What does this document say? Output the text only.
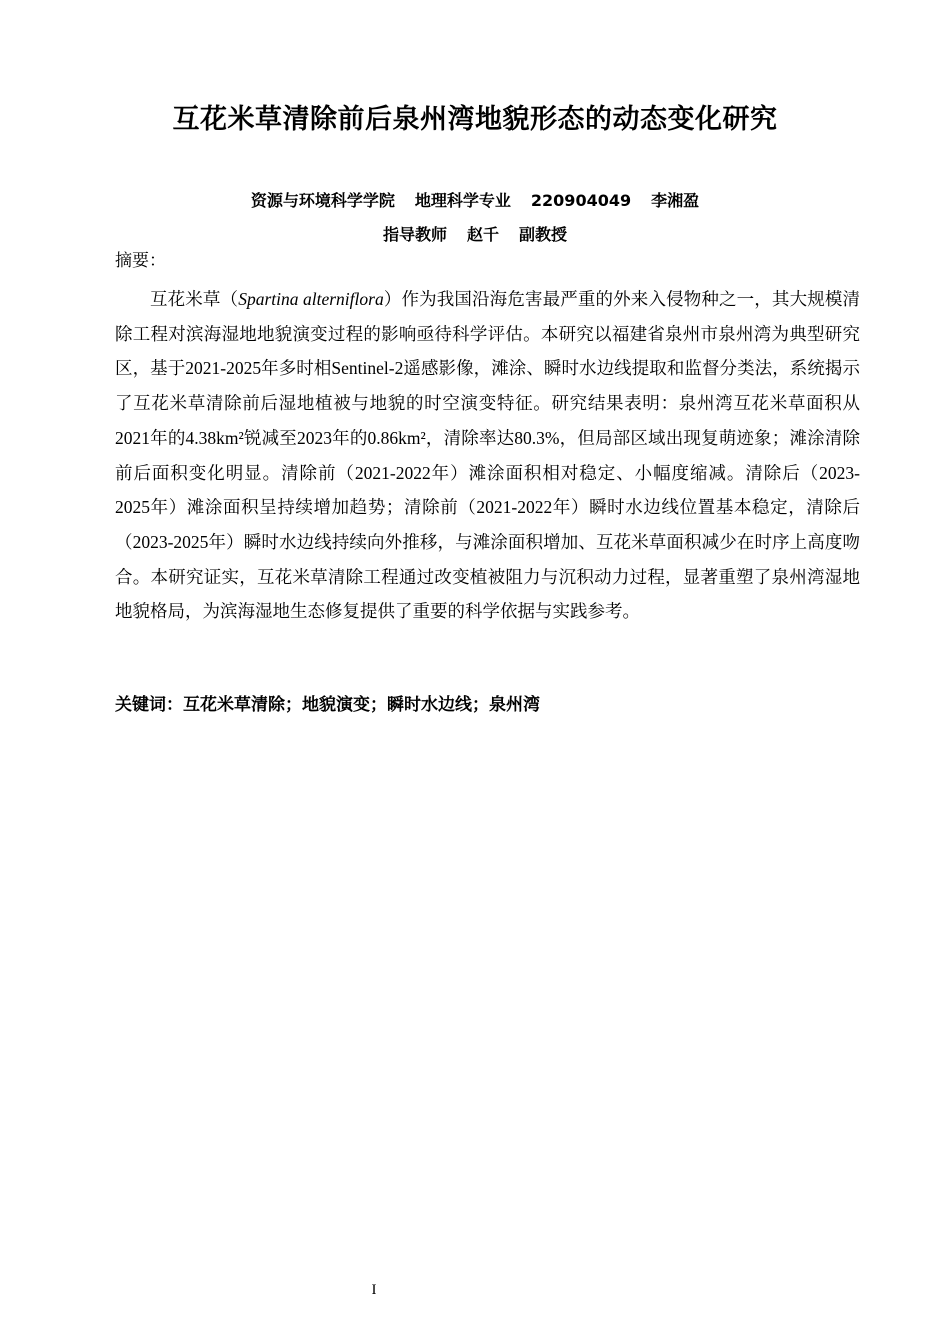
互花米草清除前后泉州湾地貌形态的动态变化研究

资源与环境科学学院 地理科学专业 220904049 李湘盈

指导教师 赵千 副教授

摘要：

互花米草（Spartina alterniflora）作为我国沿海危害最严重的外来入侵物种之一，其大规模清除工程对滨海湿地地貌演变过程的影响亟待科学评估。本研究以福建省泉州市泉州湾为典型研究区，基于2021-2025年多时相Sentinel-2遥感影像，滩涂、瞬时水边线提取和监督分类法，系统揭示了互花米草清除前后湿地植被与地貌的时空演变特征。研究结果表明：泉州湾互花米草面积从2021年的4.38km²锐减至2023年的0.86km²，清除率达80.3%，但局部区域出现复萌迹象；滩涂清除前后面积变化明显。清除前（2021-2022年）滩涂面积相对稳定、小幅度缩减。清除后（2023-2025年）滩涂面积呈持续增加趋势；清除前（2021-2022年）瞬时水边线位置基本稳定，清除后（2023-2025年）瞬时水边线持续向外推移，与滩涂面积增加、互花米草面积减少在时序上高度吻合。本研究证实，互花米草清除工程通过改变植被阻力与沉积动力过程，显著重塑了泉州湾湿地地貌格局，为滨海湿地生态修复提供了重要的科学依据与实践参考。

关键词：互花米草清除；地貌演变；瞬时水边线；泉州湾

I
